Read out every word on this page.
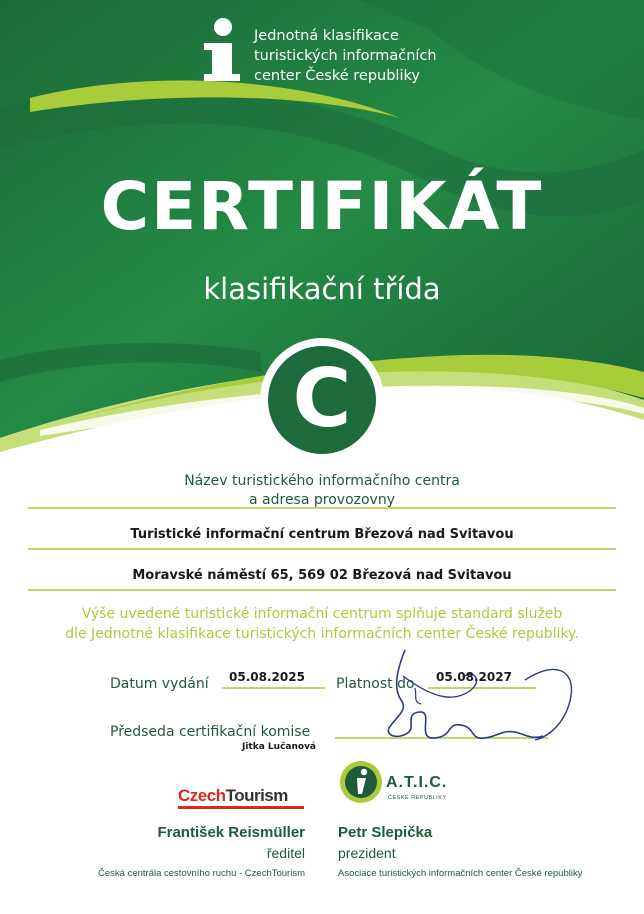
Jednotná klasifikace
turistických informačních
center České republiky
CERTIFIKÁT
klasifikační třída
C
Název turistického informačního centra
a adresa provozovny
Turistické informační centrum Březová nad Svitavou
Moravské náměstí 65, 569 02 Březová nad Svitavou
Výše uvedené turistické informační centrum splňuje standard služeb
dle Jednotné klasifikace turistických informačních center České republiky.
Datum vydání 05.08.2025 Platnost do 05.08.2027
Předseda certifikační komise
Jitka Lučanová
CzechTourism
A.T.I.C.
ČESKÉ REPUBLIKY
František Reismüller
ředitel
Česká centrála cestovního ruchu - CzechTourism
Petr Slepička
prezident
Asociace turistických informačních center České republiky
